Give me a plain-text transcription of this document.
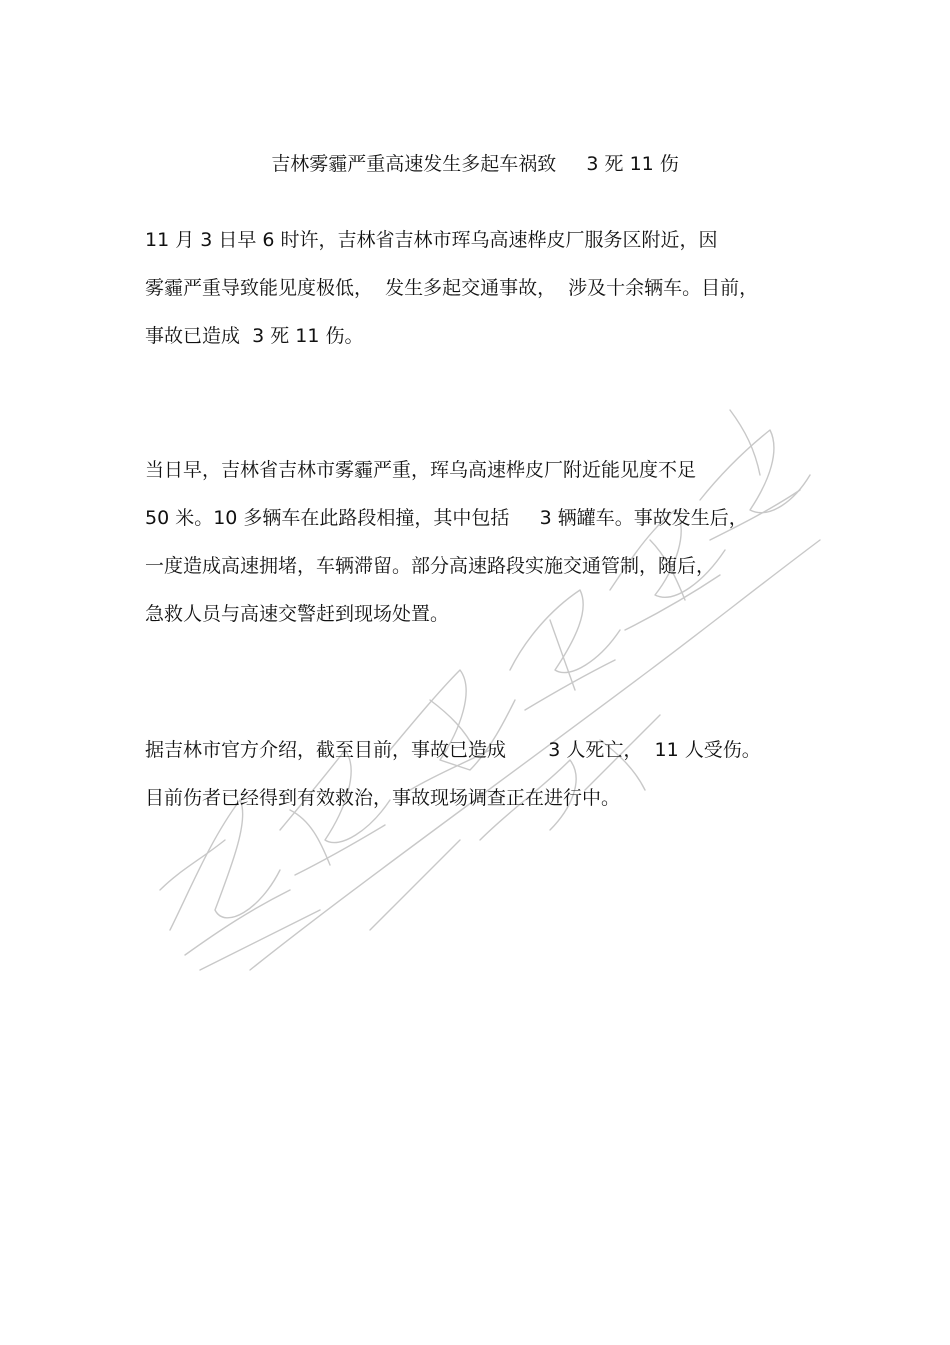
吉林雾霾严重高速发生多起车祸致     3 死 11 伤
11 月 3 日早 6 时许，吉林省吉林市珲乌高速桦皮厂服务区附近，因
雾霾严重导致能见度极低，  发生多起交通事故，  涉及十余辆车。目前，
事故已造成  3 死 11 伤。
当日早，吉林省吉林市雾霾严重，珲乌高速桦皮厂附近能见度不足
50 米。10 多辆车在此路段相撞，其中包括     3 辆罐车。事故发生后，
一度造成高速拥堵，车辆滞留。部分高速路段实施交通管制，随后，
急救人员与高速交警赶到现场处置。
据吉林市官方介绍，截至目前，事故已造成       3 人死亡，  11 人受伤。
目前伤者已经得到有效救治，事故现场调查正在进行中。
